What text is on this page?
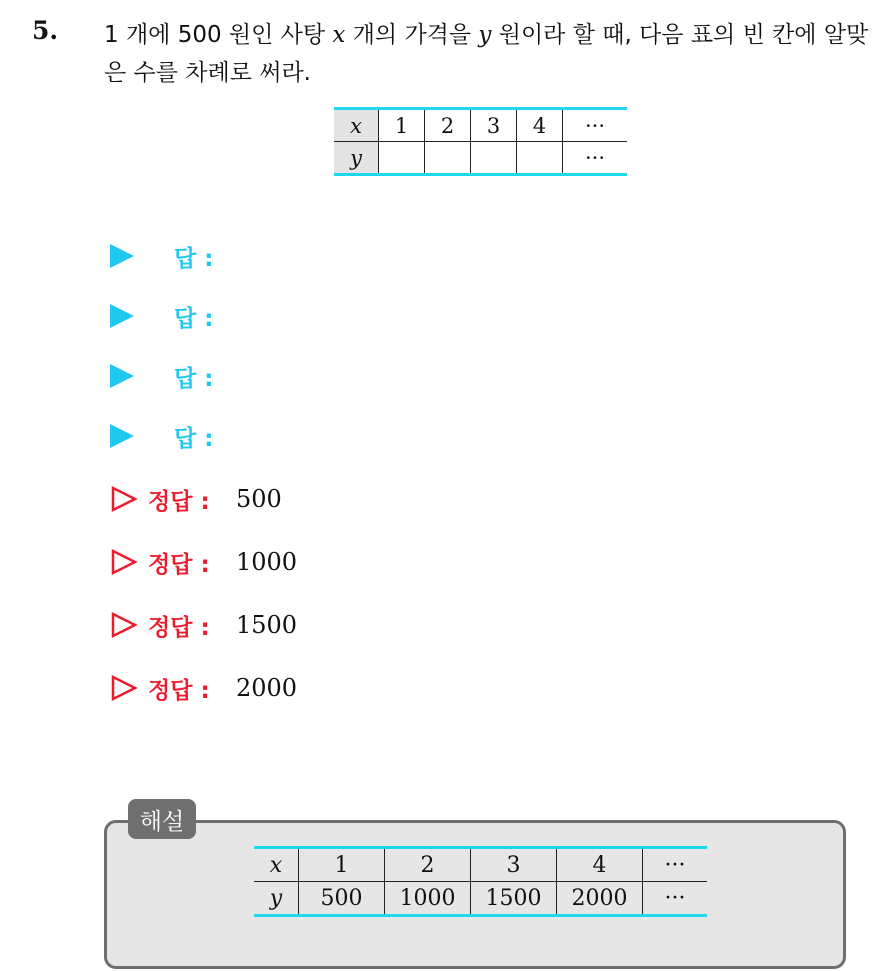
5. 1 개에 500 원인 사탕 x 개의 가격을 y 원이라 할 때, 다음 표의 빈 칸에 알맞은 수를 차례로 써라.
x	1	2	3	4	···
y					···
답 :
답 :
답 :
답 :
정답 :	500
정답 :	1000
정답 :	1500
정답 :	2000
해설
x	1	2	3	4	···
y	500	1000	1500	2000	···
